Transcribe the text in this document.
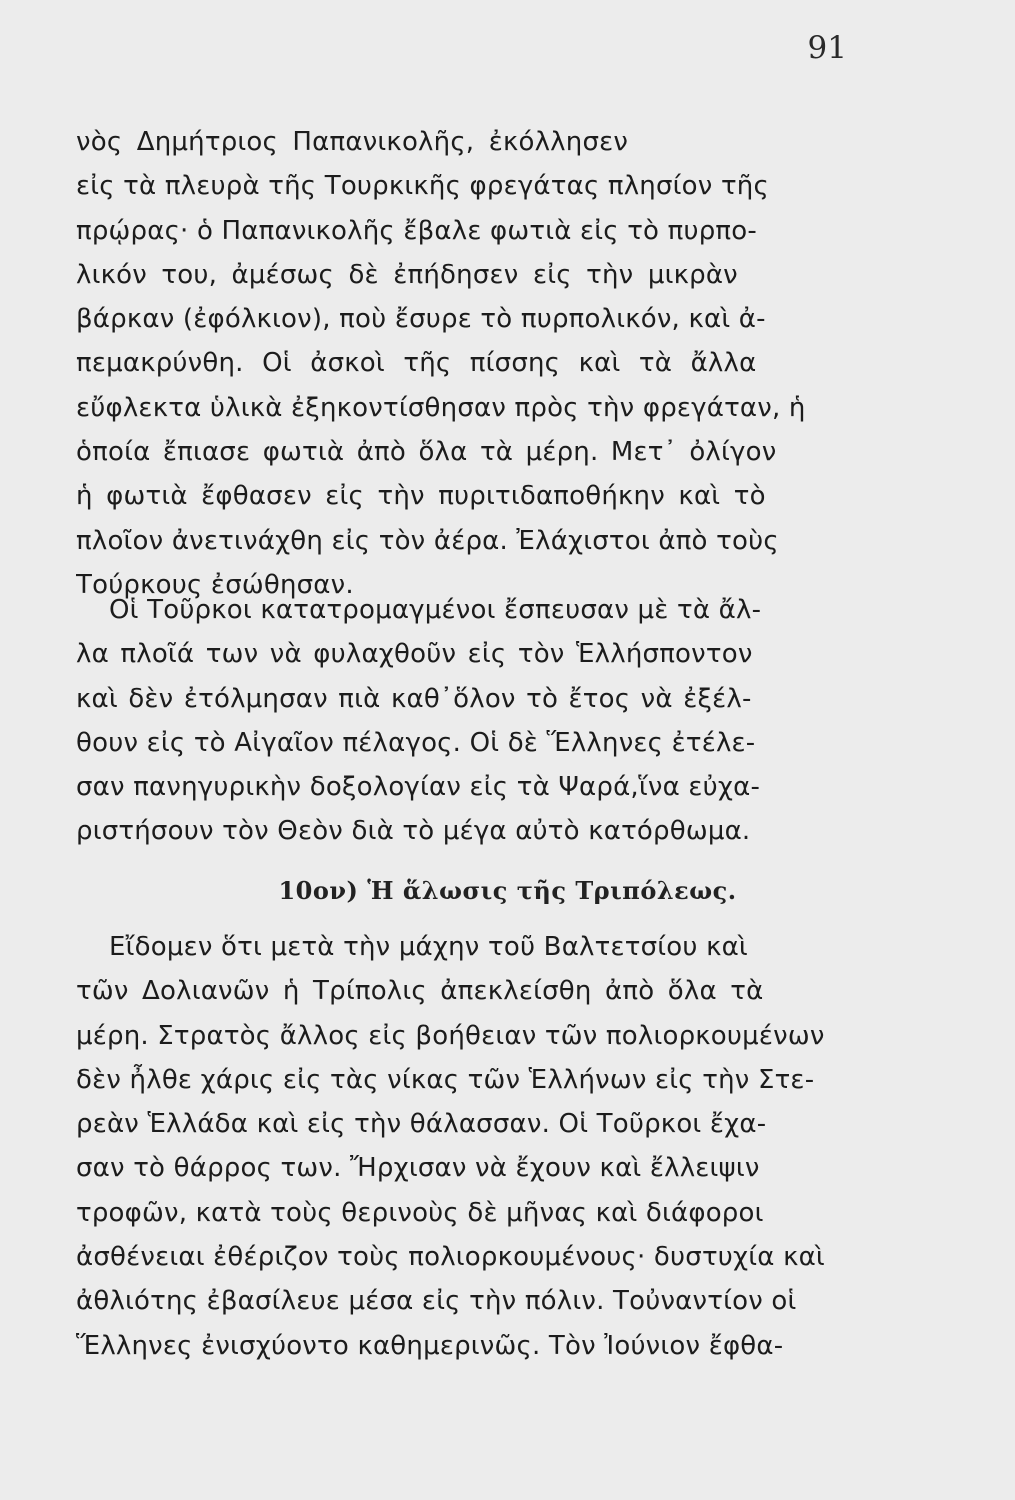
91
νὸς Δημήτριος Παπανικολῆς, ἐκόλλησεν
εἰς τὰ πλευρὰ τῆς Τουρκικῆς φρεγάτας πλησίον τῆς
πρῴρας· ὁ Παπανικολῆς ἔβαλε φωτιὰ εἰς τὸ πυρπο-
λικόν του, ἀμέσως δὲ ἐπήδησεν εἰς τὴν μικρὰν
βάρκαν (ἐφόλκιον), ποὺ ἔσυρε τὸ πυρπολικόν, καὶ ἀ-
πεμακρύνθη. Οἱ ἀσκοὶ τῆς πίσσης καὶ τὰ ἄλλα
εὔφλεκτα ὑλικὰ ἐξηκοντίσθησαν πρὸς τὴν φρεγάταν, ἡ
ὁποία ἔπιασε φωτιὰ ἀπὸ ὅλα τὰ μέρη. Μετ᾽ ὀλίγον
ἡ φωτιὰ ἔφθασεν εἰς τὴν πυριτιδαποθήκην καὶ τὸ
πλοῖον ἀνετινάχθη εἰς τὸν ἀέρα. Ἐλάχιστοι ἀπὸ τοὺς
Τούρκους ἐσώθησαν.
Οἱ Τοῦρκοι κατατρομαγμένοι ἔσπευσαν μὲ τὰ ἄλ-
λα πλοῖά των νὰ φυλαχθοῦν εἰς τὸν Ἑλλήσποντον
καὶ δὲν ἐτόλμησαν πιὰ καθ᾽ὅλον τὸ ἔτος νὰ ἐξέλ-
θουν εἰς τὸ Αἰγαῖον πέλαγος. Οἱ δὲ Ἕλληνες ἐτέλε-
σαν πανηγυρικὴν δοξολογίαν εἰς τὰ Ψαρά,ἵνα εὐχα-
ριστήσουν τὸν Θεὸν διὰ τὸ μέγα αὐτὸ κατόρθωμα.
10ον) Ἡ ἅλωσις τῆς Τριπόλεως.
Εἴδομεν ὅτι μετὰ τὴν μάχην τοῦ Βαλτετσίου καὶ
τῶν Δολιανῶν ἡ Τρίπολις ἀπεκλείσθη ἀπὸ ὅλα τὰ
μέρη. Στρατὸς ἄλλος εἰς βοήθειαν τῶν πολιορκουμένων
δὲν ἦλθε χάρις εἰς τὰς νίκας τῶν Ἑλλήνων εἰς τὴν Στε-
ρεὰν Ἑλλάδα καὶ εἰς τὴν θάλασσαν. Οἱ Τοῦρκοι ἔχα-
σαν τὸ θάρρος των. Ἤρχισαν νὰ ἔχουν καὶ ἔλλειψιν
τροφῶν, κατὰ τοὺς θερινοὺς δὲ μῆνας καὶ διάφοροι
ἀσθένειαι ἐθέριζον τοὺς πολιορκουμένους· δυστυχία καὶ
ἀθλιότης ἐβασίλευε μέσα εἰς τὴν πόλιν. Τοὐναντίον οἱ
Ἕλληνες ἐνισχύοντο καθημερινῶς. Τὸν Ἰούνιον ἔφθα-
